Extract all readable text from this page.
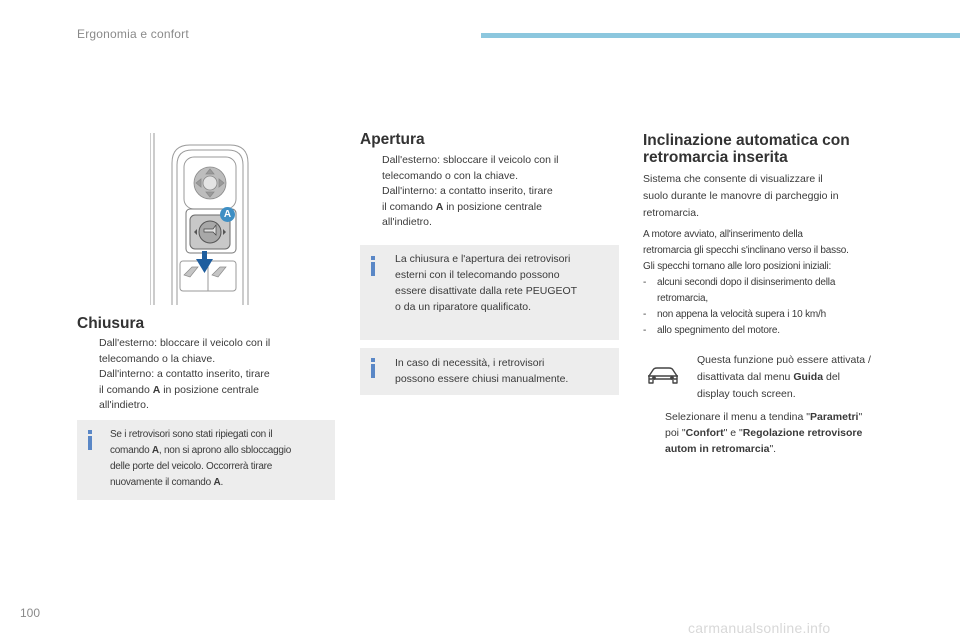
Ergonomia e confort
A
Chiusura

Dall'esterno: bloccare il veicolo con il
telecomando o la chiave.

Dall'interno: a contatto inserito, tirare
il comando A in posizione centrale
all'indietro.

Se i retrovisori sono stati ripiegati con il
comando A, non si aprono allo sbloccaggio
delle porte del veicolo. Occorrerà tirare
nuovamente il comando A.
Apertura

Dall'esterno: sbloccare il veicolo con il
telecomando o con la chiave.

Dall'interno: a contatto inserito, tirare
il comando A in posizione centrale
all'indietro.

La chiusura e l'apertura dei retrovisori
esterni con il telecomando possono
essere disattivate dalla rete PEUGEOT
o da un riparatore qualificato.
In caso di necessità, i retrovisori
possono essere chiusi manualmente.
Inclinazione automatica con
retromarcia inserita

Sistema che consente di visualizzare il
suolo durante le manovre di parcheggio in
retromarcia.

A motore avviato, all'inserimento della
retromarcia gli specchi s'inclinano verso il basso.
Gli specchi tornano alle loro posizioni iniziali:

- alcuni secondi dopo il disinserimento della
retromarcia,
- non appena la velocità supera i 10 km/h
- allo spegnimento del motore.

Questa funzione può essere attivata /
disattivata dal menu Guida del
display touch screen.

Selezionare il menu a tendina "Parametri"
poi "Confort" e "Regolazione retrovisore
autom in retromarcia".
100
carmanualsonline.info
